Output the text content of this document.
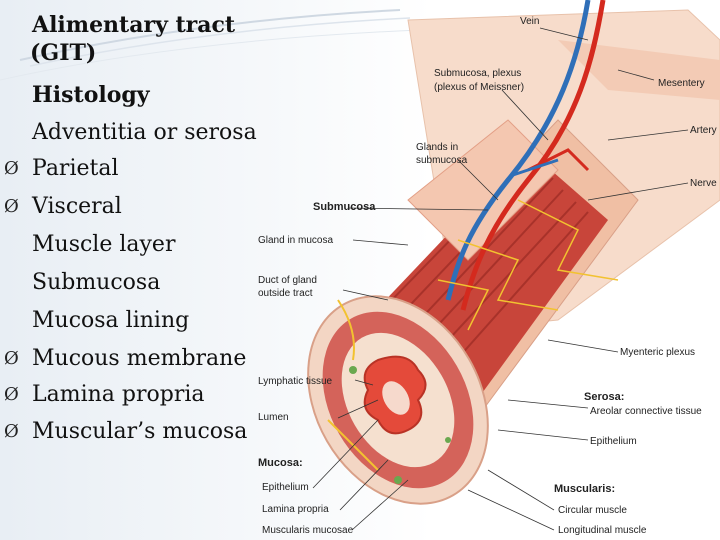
Alimentary tract
(GIT)
Histology
Adventitia or serosa
Ø Parietal
Ø Visceral
Muscle layer
Submucosa
Mucosa lining
Ø Mucous membrane
Ø Lamina propria
Ø Muscular’s mucosa
Vein
Submucosa, plexus
(plexus of Meissner)	Mesentery
Glands in
submucosa
Artery
Nerve
Submucosa
Gland in mucosa
Duct of gland
outside tract
Myenteric plexus
Lymphatic tissue
Lumen
Serosa:
Areolar connective tissue
Epithelium
Mucosa:
Epithelium
Lamina propria
Muscularis mucosae
Muscularis:
Circular muscle
Longitudinal muscle
